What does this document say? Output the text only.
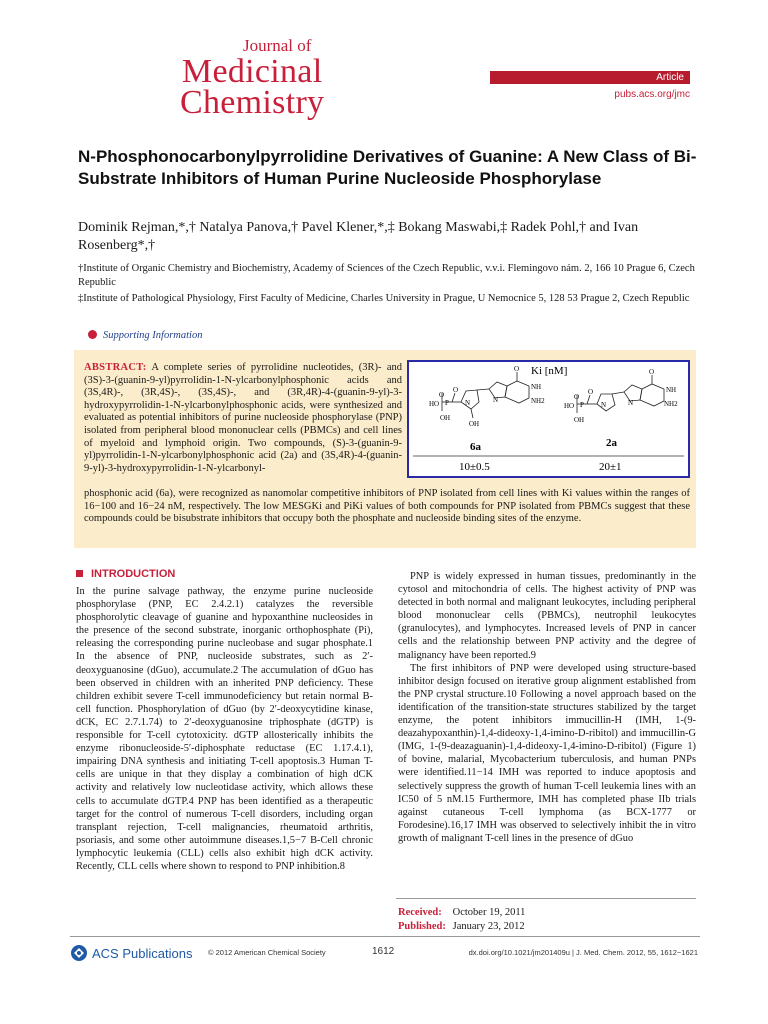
Journal of
Medicinal
Chemistry
Article
pubs.acs.org/jmc
N-Phosphonocarbonylpyrrolidine Derivatives of Guanine: A New Class of Bi-Substrate Inhibitors of Human Purine Nucleoside Phosphorylase
Dominik Rejman,*,† Natalya Panova,† Pavel Klener,*,‡ Bokang Maswabi,‡ Radek Pohl,† and Ivan Rosenberg*,†
†Institute of Organic Chemistry and Biochemistry, Academy of Sciences of the Czech Republic, v.v.i. Flemingovo nám. 2, 166 10 Prague 6, Czech Republic
‡Institute of Pathological Physiology, First Faculty of Medicine, Charles University in Prague, U Nemocnice 5, 128 53 Prague 2, Czech Republic
Supporting Information
Ki [nM]
HO
O
OH
P
O
N
OH
N
O
NH
NH2
6a
10±0.5
HO
O
OH
P
O
N	N
O
NH
NH2
2a
20±1
ABSTRACT: A complete series of pyrrolidine nucleotides, (3R)- and (3S)-3-(guanin-9-yl)pyrrolidin-1-N-ylcarbonylphosphonic acids and (3S,4R)-, (3R,4S)-, (3S,4S)-, and (3R,4R)-4-(guanin-9-yl)-3-hydroxypyrrolidin-1-N-ylcarbonylphosphonic acids, were synthesized and evaluated as potential inhibitors of purine nucleoside phosphorylase (PNP) isolated from peripheral blood mononuclear cells (PBMCs) and cell lines of myeloid and lymphoid origin. Two compounds, (S)-3-(guanin-9-yl)pyrrolidin-1-N-ylcarbonylphosphonic acid (2a) and (3S,4R)-4-(guanin-9-yl)-3-hydroxypyrrolidin-1-N-ylcarbonyl-
phosphonic acid (6a), were recognized as nanomolar competitive inhibitors of PNP isolated from cell lines with Ki values within the ranges of 16−100 and 16−24 nM, respectively. The low MESGKi and PiKi values of both compounds for PNP isolated from PBMCs suggest that these compounds could be bisubstrate inhibitors that occupy both the phosphate and nucleoside binding sites of the enzyme.
INTRODUCTION
In the purine salvage pathway, the enzyme purine nucleoside phosphorylase (PNP, EC 2.4.2.1) catalyzes the reversible phosphorolytic cleavage of guanine and hypoxanthine nucleosides in the presence of the second substrate, inorganic orthophosphate (Pi), releasing the corresponding purine nucleobase and sugar phosphate.1 In the absence of PNP, nucleoside substrates, such as 2′-deoxyguanosine (dGuo), accumulate.2 The accumulation of dGuo has been observed in children with an inherited PNP deficiency. These children exhibit severe T-cell immunodeficiency but retain normal B-cell function. Phosphorylation of dGuo (by 2′-deoxycytidine kinase, dCK, EC 2.7.1.74) to 2′-deoxyguanosine triphosphate (dGTP) is responsible for T-cell cytotoxicity. dGTP allosterically inhibits the enzyme ribonucleoside-5′-diphosphate reductase (EC 1.17.4.1), impairing DNA synthesis and initiating T-cell apoptosis.3 Human T-cells are unique in that they display a combination of high dCK activity and relatively low nucleotidase activity, which allows these cells to accumulate dGTP.4 PNP has been identified as a therapeutic target for the control of numerous T-cell disorders, including organ transplant rejection, T-cell malignancies, rheumatoid arthritis, psoriasis, and some other autoimmune diseases.1,5−7 B-Cell chronic lymphocytic leukemia (CLL) cells also exhibit high dCK activity. Recently, CLL cells where shown to respond to PNP inhibition.8
PNP is widely expressed in human tissues, predominantly in the cytosol and mitochondria of cells. The highest activity of PNP was detected in both normal and malignant leukocytes, including peripheral blood mononuclear cells (PBMCs), neutrophil leukocytes (granulocytes), and lymphocytes. Increased levels of PNP in cancer cells and the relationship between PNP activity and the degree of malignancy have been reported.9
The first inhibitors of PNP were developed using structure-based inhibitor design focused on iterative group alignment established from the PNP crystal structure.10 Following a novel approach based on the identification of the transition-state structures stabilized by the target enzyme, the potent inhibitors immucillin-H (IMH, 1-(9-deazahypoxanthin)-1,4-dideoxy-1,4-imino-D-ribitol) and immucillin-G (IMG, 1-(9-deazaguanin)-1,4-dideoxy-1,4-imino-D-ribitol) (Figure 1) of bovine, malarial, Mycobacterium tuberculosis, and human PNPs were identified.11−14 IMH was reported to induce apoptosis and selectively suppress the growth of human T-cell leukemia lines with an IC50 of 5 nM.15 Furthermore, IMH has completed phase IIb trials against cutaneous T-cell lymphoma (as BCX-1777 or Forodesine).16,17 IMH was observed to selectively inhibit the in vitro growth of malignant T-cell lines in the presence of dGuo
Received: October 19, 2011
Published: January 23, 2012
ACS Publications © 2012 American Chemical Society	1612	dx.doi.org/10.1021/jm201409u | J. Med. Chem. 2012, 55, 1612−1621
